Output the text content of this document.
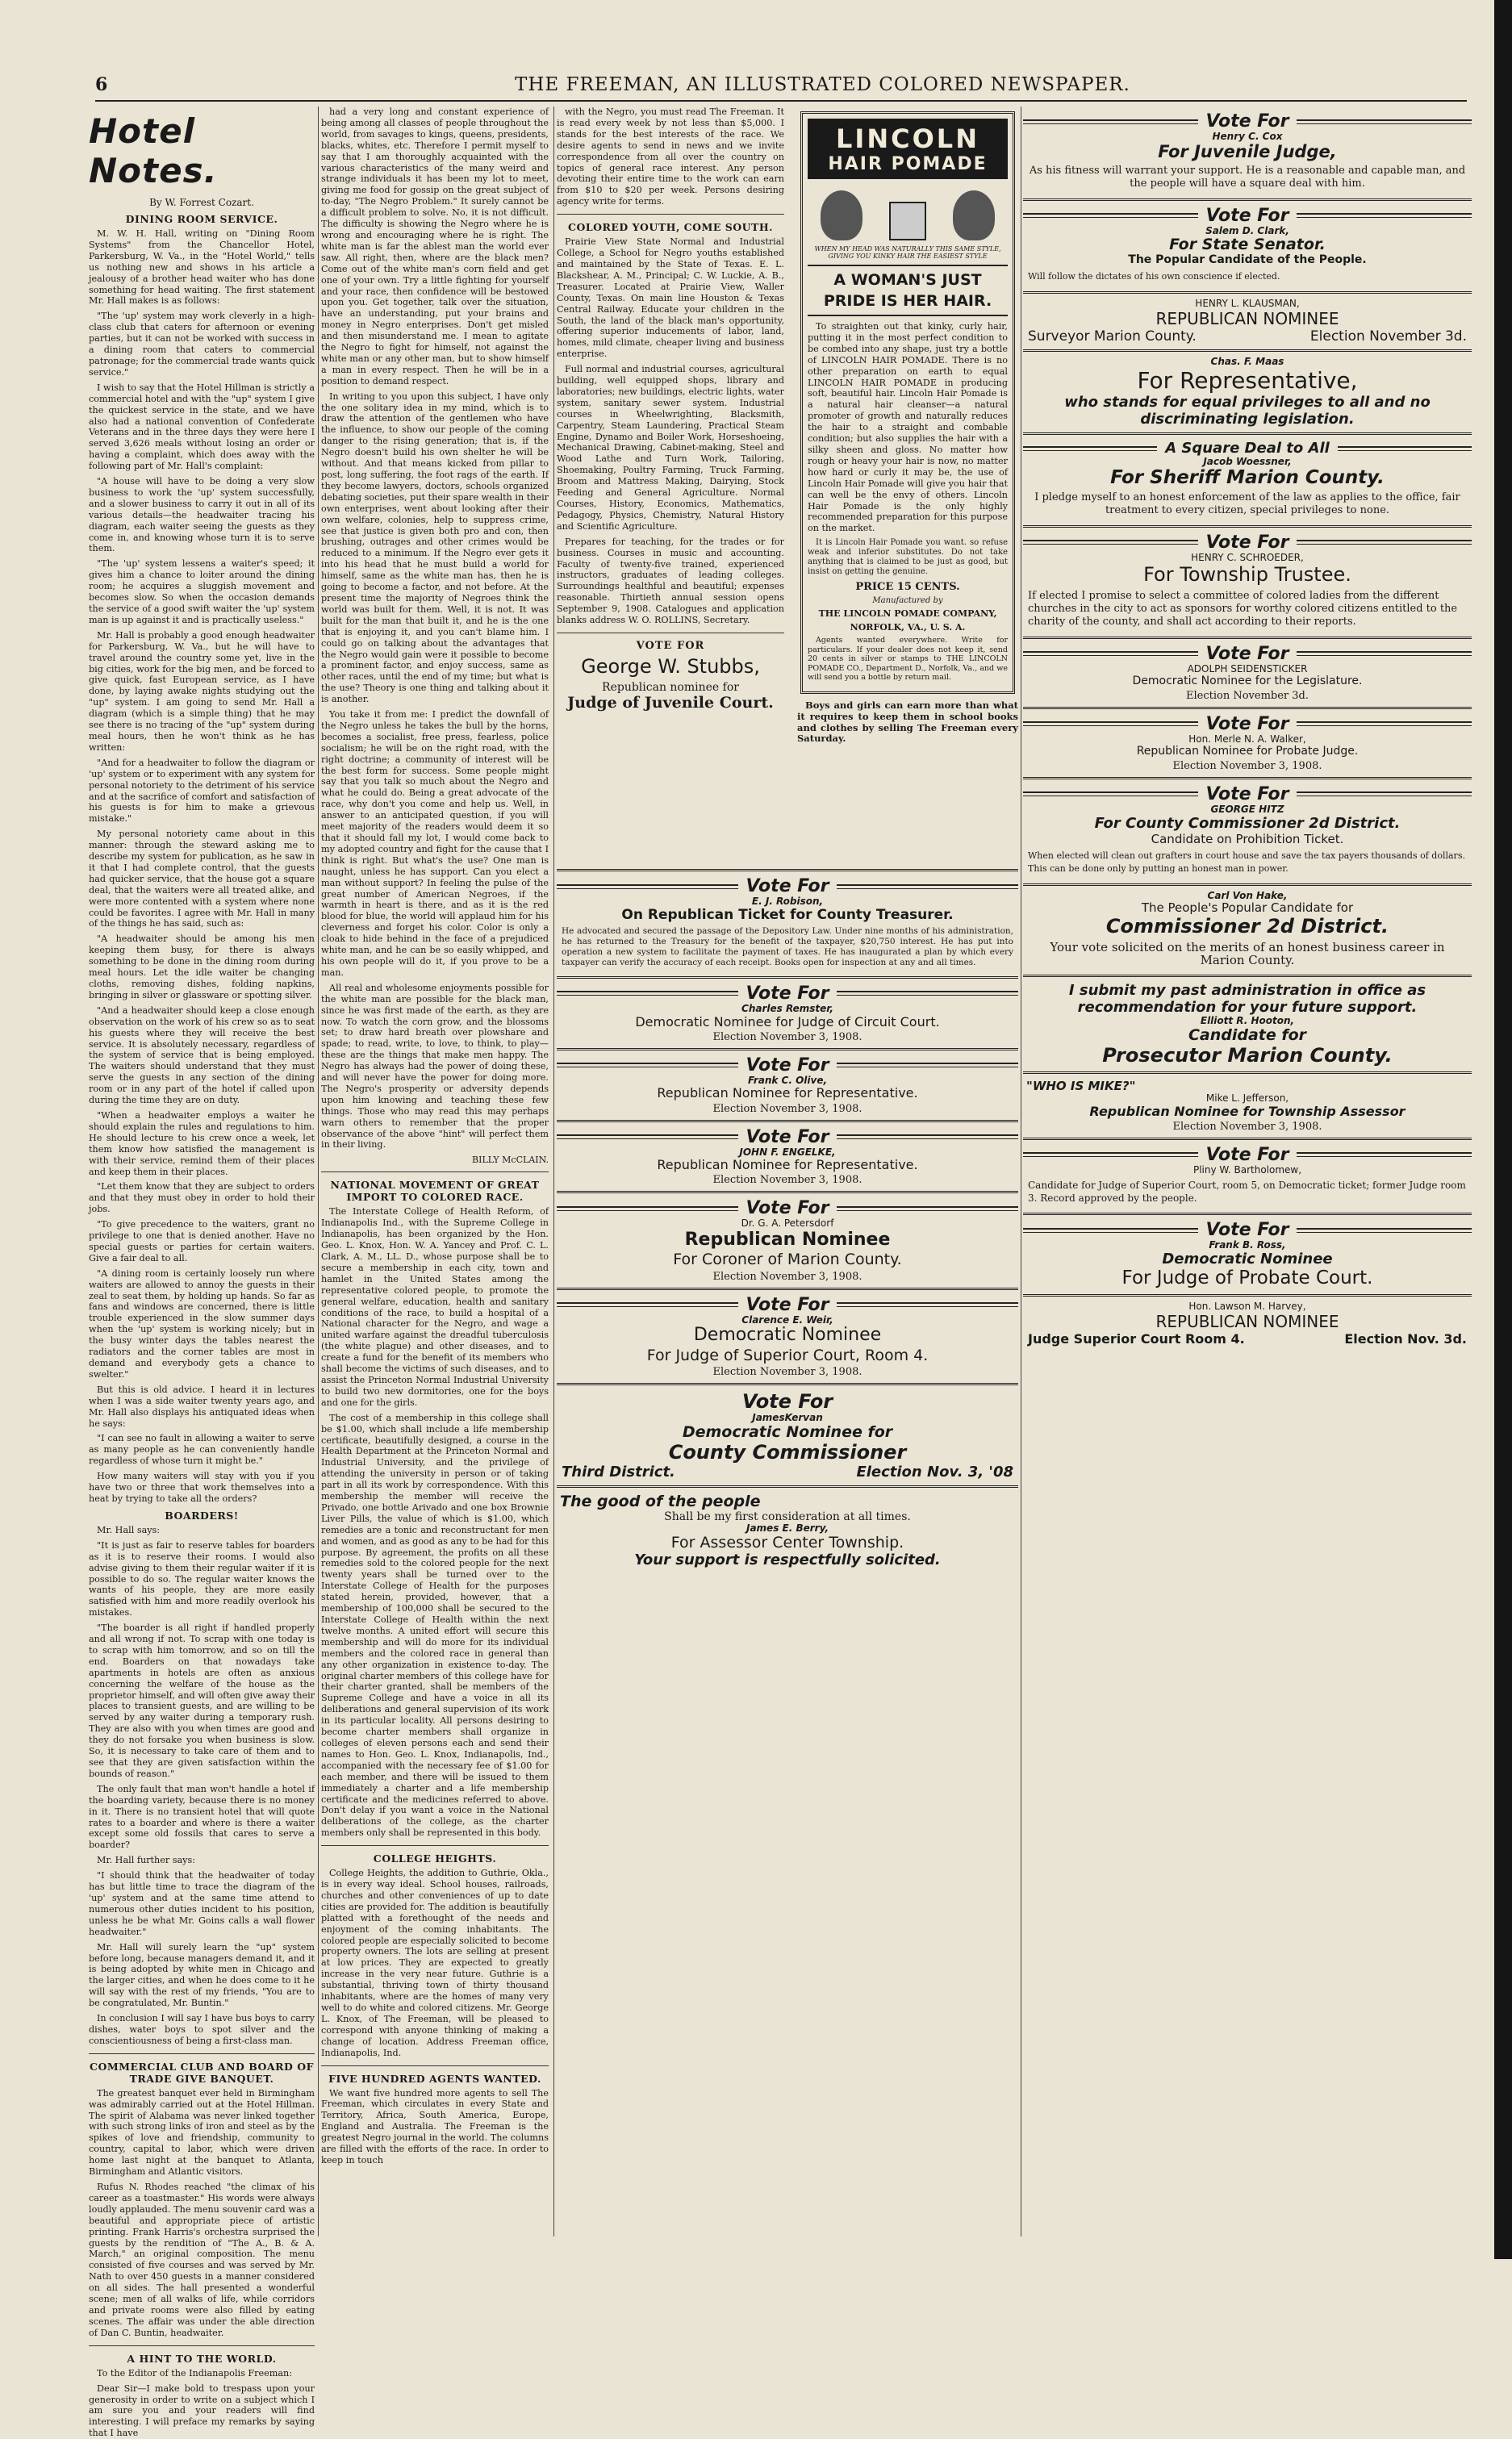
6	THE FREEMAN, AN ILLUSTRATED COLORED NEWSPAPER.
Hotel Notes.
By W. Forrest Cozart.
DINING ROOM SERVICE.

M. W. H. Hall, writing on "Dining Room Systems" from the Chancellor Hotel, Parkersburg, W. Va., in the "Hotel World," tells us nothing new and shows in his article a jealousy of a brother head waiter who has done something for head waiting. The first statement Mr. Hall makes is as follows:

"The 'up' system may work cleverly in a high-class club that caters for afternoon or evening parties, but it can not be worked with success in a dining room that caters to commercial patronage; for the commercial trade wants quick service."

I wish to say that the Hotel Hillman is strictly a commercial hotel and with the "up" system I give the quickest service in the state, and we have also had a national convention of Confederate Veterans and in the three days they were here I served 3,626 meals without losing an order or having a complaint, which does away with the following part of Mr. Hall's complaint:

"A house will have to be doing a very slow business to work the 'up' system successfully, and a slower business to carry it out in all of its various details—the headwaiter tracing his diagram, each waiter seeing the guests as they come in, and knowing whose turn it is to serve them.

"The 'up' system lessens a waiter's speed; it gives him a chance to loiter around the dining room; he acquires a sluggish movement and becomes slow. So when the occasion demands the service of a good swift waiter the 'up' system man is up against it and is practically useless."

Mr. Hall is probably a good enough headwaiter for Parkersburg, W. Va., but he will have to travel around the country some yet, live in the big cities, work for the big men, and be forced to give quick, fast European service, as I have done, by laying awake nights studying out the "up" system. I am going to send Mr. Hall a diagram (which is a simple thing) that he may see there is no tracing of the "up" system during meal hours, then he won't think as he has written:

"And for a headwaiter to follow the diagram or 'up' system or to experiment with any system for personal notoriety to the detriment of his service and at the sacrifice of comfort and satisfaction of his guests is for him to make a grievous mistake."

My personal notoriety came about in this manner: through the steward asking me to describe my system for publication, as he saw in it that I had complete control, that the guests had quicker service, that the house got a square deal, that the waiters were all treated alike, and were more contented with a system where none could be favorites. I agree with Mr. Hall in many of the things he has said, such as:

"A headwaiter should be among his men keeping them busy, for there is always something to be done in the dining room during meal hours. Let the idle waiter be changing cloths, removing dishes, folding napkins, bringing in silver or glassware or spotting silver.

"And a headwaiter should keep a close enough observation on the work of his crew so as to seat his guests where they will receive the best service. It is absolutely necessary, regardless of the system of service that is being employed. The waiters should understand that they must serve the guests in any section of the dining room or in any part of the hotel if called upon during the time they are on duty.

"When a headwaiter employs a waiter he should explain the rules and regulations to him. He should lecture to his crew once a week, let them know how satisfied the management is with their service, remind them of their places and keep them in their places.

"Let them know that they are subject to orders and that they must obey in order to hold their jobs.

"To give precedence to the waiters, grant no privilege to one that is denied another. Have no special guests or parties for certain waiters. Give a fair deal to all.

"A dining room is certainly loosely run where waiters are allowed to annoy the guests in their zeal to seat them, by holding up hands. So far as fans and windows are concerned, there is little trouble experienced in the slow summer days when the 'up' system is working nicely; but in the busy winter days the tables nearest the radiators and the corner tables are most in demand and everybody gets a chance to swelter."

But this is old advice. I heard it in lectures when I was a side waiter twenty years ago, and Mr. Hall also displays his antiquated ideas when he says:

"I can see no fault in allowing a waiter to serve as many people as he can conveniently handle regardless of whose turn it might be."

How many waiters will stay with you if you have two or three that work themselves into a heat by trying to take all the orders?

BOARDERS!

Mr. Hall says:

"It is just as fair to reserve tables for boarders as it is to reserve their rooms. I would also advise giving to them their regular waiter if it is possible to do so. The regular waiter knows the wants of his people, they are more easily satisfied with him and more readily overlook his mistakes.

"The boarder is all right if handled properly and all wrong if not. To scrap with one today is to scrap with him tomorrow, and so on till the end. Boarders on that nowadays take apartments in hotels are often as anxious concerning the welfare of the house as the proprietor himself, and will often give away their places to transient guests, and are willing to be served by any waiter during a temporary rush. They are also with you when times are good and they do not forsake you when business is slow. So, it is necessary to take care of them and to see that they are given satisfaction within the bounds of reason."

The only fault that man won't handle a hotel if the boarding variety, because there is no money in it. There is no transient hotel that will quote rates to a boarder and where is there a waiter except some old fossils that cares to serve a boarder?

Mr. Hall further says:

"I should think that the headwaiter of today has but little time to trace the diagram of the 'up' system and at the same time attend to numerous other duties incident to his position, unless he be what Mr. Goins calls a wall flower headwaiter."

Mr. Hall will surely learn the "up" system before long, because managers demand it, and it is being adopted by white men in Chicago and the larger cities, and when he does come to it he will say with the rest of my friends, "You are to be congratulated, Mr. Buntin."

In conclusion I will say I have bus boys to carry dishes, water boys to spot silver and the conscientiousness of being a first-class man.

COMMERCIAL CLUB AND BOARD OF TRADE GIVE BANQUET.

The greatest banquet ever held in Birmingham was admirably carried out at the Hotel Hillman. The spirit of Alabama was never linked together with such strong links of iron and steel as by the spikes of love and friendship, community to country, capital to labor, which were driven home last night at the banquet to Atlanta, Birmingham and Atlantic visitors.

Rufus N. Rhodes reached "the climax of his career as a toastmaster." His words were always loudly applauded. The menu souvenir card was a beautiful and appropriate piece of artistic printing. Frank Harris's orchestra surprised the guests by the rendition of "The A., B. & A. March," an original composition. The menu consisted of five courses and was served by Mr. Nath to over 450 guests in a manner considered on all sides. The hall presented a wonderful scene; men of all walks of life, while corridors and private rooms were also filled by eating scenes. The affair was under the able direction of Dan C. Buntin, headwaiter.

A HINT TO THE WORLD.

To the Editor of the Indianapolis Freeman:

Dear Sir—I make bold to trespass upon your generosity in order to write on a subject which I am sure you and your readers will find interesting. I will preface my remarks by saying that I have

had a very long and constant experience of being among all classes of people throughout the world, from savages to kings, queens, presidents, blacks, whites, etc. Therefore I permit myself to say that I am thoroughly acquainted with the various characteristics of the many weird and strange individuals it has been my lot to meet, giving me food for gossip on the great subject of to-day, "The Negro Problem." It surely cannot be a difficult problem to solve. No, it is not difficult. The difficulty is showing the Negro where he is wrong and encouraging where he is right. The white man is far the ablest man the world ever saw. All right, then, where are the black men? Come out of the white man's corn field and get one of your own. Try a little fighting for yourself and your race, then confidence will be bestowed upon you. Get together, talk over the situation, have an understanding, put your brains and money in Negro enterprises. Don't get misled and then misunderstand me. I mean to agitate the Negro to fight for himself, not against the white man or any other man, but to show himself a man in every respect. Then he will be in a position to demand respect.

In writing to you upon this subject, I have only the one solitary idea in my mind, which is to draw the attention of the gentlemen who have the influence, to show our people of the coming danger to the rising generation; that is, if the Negro doesn't build his own shelter he will be without. And that means kicked from pillar to post, long suffering, the foot rags of the earth. If they become lawyers, doctors, schools organized debating societies, put their spare wealth in their own enterprises, went about looking after their own welfare, colonies, help to suppress crime, see that justice is given both pro and con, then brushing, outrages and other crimes would be reduced to a minimum. If the Negro ever gets it into his head that he must build a world for himself, same as the white man has, then he is going to become a factor, and not before. At the present time the majority of Negroes think the world was built for them. Well, it is not. It was built for the man that built it, and he is the one that is enjoying it, and you can't blame him. I could go on talking about the advantages that the Negro would gain were it possible to become a prominent factor, and enjoy success, same as other races, until the end of my time; but what is the use? Theory is one thing and talking about it is another.

You take it from me: I predict the downfall of the Negro unless he takes the bull by the horns, becomes a socialist, free press, fearless, police socialism; he will be on the right road, with the right doctrine; a community of interest will be the best form for success. Some people might say that you talk so much about the Negro and what he could do. Being a great advocate of the race, why don't you come and help us. Well, in answer to an anticipated question, if you will meet majority of the readers would deem it so that it should fall my lot, I would come back to my adopted country and fight for the cause that I think is right. But what's the use? One man is naught, unless he has support. Can you elect a man without support? In feeling the pulse of the great number of American Negroes, if the warmth in heart is there, and as it is the red blood for blue, the world will applaud him for his cleverness and forget his color. Color is only a cloak to hide behind in the face of a prejudiced white man, and he can be so easily whipped, and his own people will do it, if you prove to be a man.

All real and wholesome enjoyments possible for the white man are possible for the black man, since he was first made of the earth, as they are now. To watch the corn grow, and the blossoms set; to draw hard breath over plowshare and spade; to read, write, to love, to think, to play—these are the things that make men happy. The Negro has always had the power of doing these, and will never have the power for doing more. The Negro's prosperity or adversity depends upon him knowing and teaching these few things. Those who may read this may perhaps warn others to remember that the proper observance of the above "hint" will perfect them in their living.

BILLY McCLAIN.
NATIONAL MOVEMENT OF GREAT IMPORT TO COLORED RACE.

The Interstate College of Health Reform, of Indianapolis Ind., with the Supreme College in Indianapolis, has been organized by the Hon. Geo. L. Knox, Hon. W. A. Yancey and Prof. C. L. Clark, A. M., LL. D., whose purpose shall be to secure a membership in each city, town and hamlet in the United States among the representative colored people, to promote the general welfare, education, health and sanitary conditions of the race, to build a hospital of a National character for the Negro, and wage a united warfare against the dreadful tuberculosis (the white plague) and other diseases, and to create a fund for the benefit of its members who shall become the victims of such diseases, and to assist the Princeton Normal Industrial University to build two new dormitories, one for the boys and one for the girls.

The cost of a membership in this college shall be $1.00, which shall include a life membership certificate, beautifully designed, a course in the Health Department at the Princeton Normal and Industrial University, and the privilege of attending the university in person or of taking part in all its work by correspondence. With this membership the member will receive the Privado, one bottle Arivado and one box Brownie Liver Pills, the value of which is $1.00, which remedies are a tonic and reconstructant for men and women, and as good as any to be had for this purpose. By agreement, the profits on all these remedies sold to the colored people for the next twenty years shall be turned over to the Interstate College of Health for the purposes stated herein, provided, however, that a membership of 100,000 shall be secured to the Interstate College of Health within the next twelve months. A united effort will secure this membership and will do more for its individual members and the colored race in general than any other organization in existence to-day. The original charter members of this college have for their charter granted, shall be members of the Supreme College and have a voice in all its deliberations and general supervision of its work in its particular locality. All persons desiring to become charter members shall organize in colleges of eleven persons each and send their names to Hon. Geo. L. Knox, Indianapolis, Ind., accompanied with the necessary fee of $1.00 for each member, and there will be issued to them immediately a charter and a life membership certificate and the medicines referred to above. Don't delay if you want a voice in the National deliberations of the college, as the charter members only shall be represented in this body.

COLLEGE HEIGHTS.

College Heights, the addition to Guthrie, Okla., is in every way ideal. School houses, railroads, churches and other conveniences of up to date cities are provided for. The addition is beautifully platted with a forethought of the needs and enjoyment of the coming inhabitants. The colored people are especially solicited to become property owners. The lots are selling at present at low prices. They are expected to greatly increase in the very near future. Guthrie is a substantial, thriving town of thirty thousand inhabitants, where are the homes of many very well to do white and colored citizens. Mr. George L. Knox, of The Freeman, will be pleased to correspond with anyone thinking of making a change of location. Address Freeman office, Indianapolis, Ind.

FIVE HUNDRED AGENTS WANTED.

We want five hundred more agents to sell The Freeman, which circulates in every State and Territory, Africa, South America, Europe, England and Australia. The Freeman is the greatest Negro journal in the world. The columns are filled with the efforts of the race. In order to keep in touch

with the Negro, you must read The Freeman. It is read every week by not less than $5,000. I stands for the best interests of the race. We desire agents to send in news and we invite correspondence from all over the country on topics of general race interest. Any person devoting their entire time to the work can earn from $10 to $20 per week. Persons desiring agency write for terms.

COLORED YOUTH, COME SOUTH.

Prairie View State Normal and Industrial College, a School for Negro youths established and maintained by the State of Texas. E. L. Blackshear, A. M., Principal; C. W. Luckie, A. B., Treasurer. Located at Prairie View, Waller County, Texas. On main line Houston & Texas Central Railway. Educate your children in the South, the land of the black man's opportunity, offering superior inducements of labor, land, homes, mild climate, cheaper living and business enterprise.

Full normal and industrial courses, agricultural building, well equipped shops, library and laboratories; new buildings, electric lights, water system, sanitary sewer system. Industrial courses in Wheelwrighting, Blacksmith, Carpentry, Steam Laundering, Practical Steam Engine, Dynamo and Boiler Work, Horseshoeing, Mechanical Drawing, Cabinet-making, Steel and Wood Lathe and Turn Work, Tailoring, Shoemaking, Poultry Farming, Truck Farming, Broom and Mattress Making, Dairying, Stock Feeding and General Agriculture. Normal Courses, History, Economics, Mathematics, Pedagogy, Physics, Chemistry, Natural History and Scientific Agriculture.

Prepares for teaching, for the trades or for business. Courses in music and accounting. Faculty of twenty-five trained, experienced instructors, graduates of leading colleges. Surroundings healthful and beautiful; expenses reasonable. Thirtieth annual session opens September 9, 1908. Catalogues and application blanks address W. O. ROLLINS, Secretary.

VOTE FOR
George W. Stubbs,
Republican nominee for
Judge of Juvenile Court.
LINCOLN
HAIR POMADE
WHEN MY HEAD WAS NATURALLY THIS SAME STYLE, GIVING YOU KINKY HAIR THE EASIEST STYLE
A WOMAN'S JUST PRIDE IS HER HAIR.

To straighten out that kinky, curly hair, putting it in the most perfect condition to be combed into any shape, just try a bottle of LINCOLN HAIR POMADE. There is no other preparation on earth to equal LINCOLN HAIR POMADE in producing soft, beautiful hair. Lincoln Hair Pomade is a natural hair cleanser—a natural promoter of growth and naturally reduces the hair to a straight and combable condition; but also supplies the hair with a silky sheen and gloss. No matter how rough or heavy your hair is now, no matter how hard or curly it may be, the use of Lincoln Hair Pomade will give you hair that can well be the envy of others. Lincoln Hair Pomade is the only highly recommended preparation for this purpose on the market.

It is Lincoln Hair Pomade you want. so refuse weak and inferior substitutes. Do not take anything that is claimed to be just as good, but insist on getting the genuine.

PRICE 15 CENTS.
Manufactured by
THE LINCOLN POMADE COMPANY,
NORFOLK, VA., U. S. A.

Agents wanted everywhere. Write for particulars. If your dealer does not keep it, send 20 cents in silver or stamps to THE LINCOLN POMADE CO., Department D., Norfolk, Va., and we will send you a bottle by return mail.

Boys and girls can earn more than what it requires to keep them in school books and clothes by selling The Freeman every Saturday.

Vote For
E. J. Robison,
On Republican Ticket for County Treasurer.
He advocated and secured the passage of the Depository Law. Under nine months of his administration, he has returned to the Treasury for the benefit of the taxpayer, $20,750 interest. He has put into operation a new system to facilitate the payment of taxes. He has inaugurated a plan by which every taxpayer can verify the accuracy of each receipt. Books open for inspection at any and all times.
Vote For
Charles Remster,
Democratic Nominee for Judge of Circuit Court.
Election November 3, 1908.
Vote For
Frank C. Olive,
Republican Nominee for Representative.
Election November 3, 1908.
Vote For
JOHN F. ENGELKE,
Republican Nominee for Representative.
Election November 3, 1908.
Vote For
Dr. G. A. Petersdorf
Republican Nominee
For Coroner of Marion County.
Election November 3, 1908.
Vote For
Clarence E. Weir,
Democratic Nominee
For Judge of Superior Court, Room 4.
Election November 3, 1908.
Vote For
JamesKervan
Democratic Nominee for
County Commissioner
Third District.	Election Nov. 3, '08
The good of the people
Shall be my first consideration at all times.
James E. Berry,
For Assessor Center Township.
Your support is respectfully solicited.
Vote For
Henry C. Cox
For Juvenile Judge,
As his fitness will warrant your support. He is a reasonable and capable man, and the people will have a square deal with him.
Vote For
Salem D. Clark,
For State Senator.
The Popular Candidate of the People.
Will follow the dictates of his own conscience if elected.
HENRY L. KLAUSMAN,
REPUBLICAN NOMINEE
Surveyor Marion County.	Election November 3d.
Chas. F. Maas
For Representative,
who stands for equal privileges to all and no discriminating legislation.
A Square Deal to All
Jacob Woessner,
For Sheriff Marion County.
I pledge myself to an honest enforcement of the law as applies to the office, fair treatment to every citizen, special privileges to none.
Vote For
HENRY C. SCHROEDER,
For Township Trustee.
If elected I promise to select a committee of colored ladies from the different churches in the city to act as sponsors for worthy colored citizens entitled to the charity of the county, and shall act according to their reports.
Vote For
ADOLPH SEIDENSTICKER
Democratic Nominee for the Legislature.
Election November 3d.
Vote For
Hon. Merle N. A. Walker,
Republican Nominee for Probate Judge.
Election November 3, 1908.
Vote For
GEORGE HITZ
For County Commissioner 2d District.
Candidate on Prohibition Ticket.
When elected will clean out grafters in court house and save the tax payers thousands of dollars. This can be done only by putting an honest man in power.
Carl Von Hake,
The People's Popular Candidate for
Commissioner 2d District.
Your vote solicited on the merits of an honest business career in Marion County.
I submit my past administration in office as recommendation for your future support.
Elliott R. Hooton,
Candidate for
Prosecutor Marion County.
"WHO IS MIKE?"
Mike L. Jefferson,
Republican Nominee for Township Assessor
Election November 3, 1908.
Vote For
Pliny W. Bartholomew,
Candidate for Judge of Superior Court, room 5, on Democratic ticket; former Judge room 3. Record approved by the people.
Vote For
Frank B. Ross,
Democratic Nominee
For Judge of Probate Court.
Hon. Lawson M. Harvey,
REPUBLICAN NOMINEE
Judge Superior Court Room 4.	Election Nov. 3d.
